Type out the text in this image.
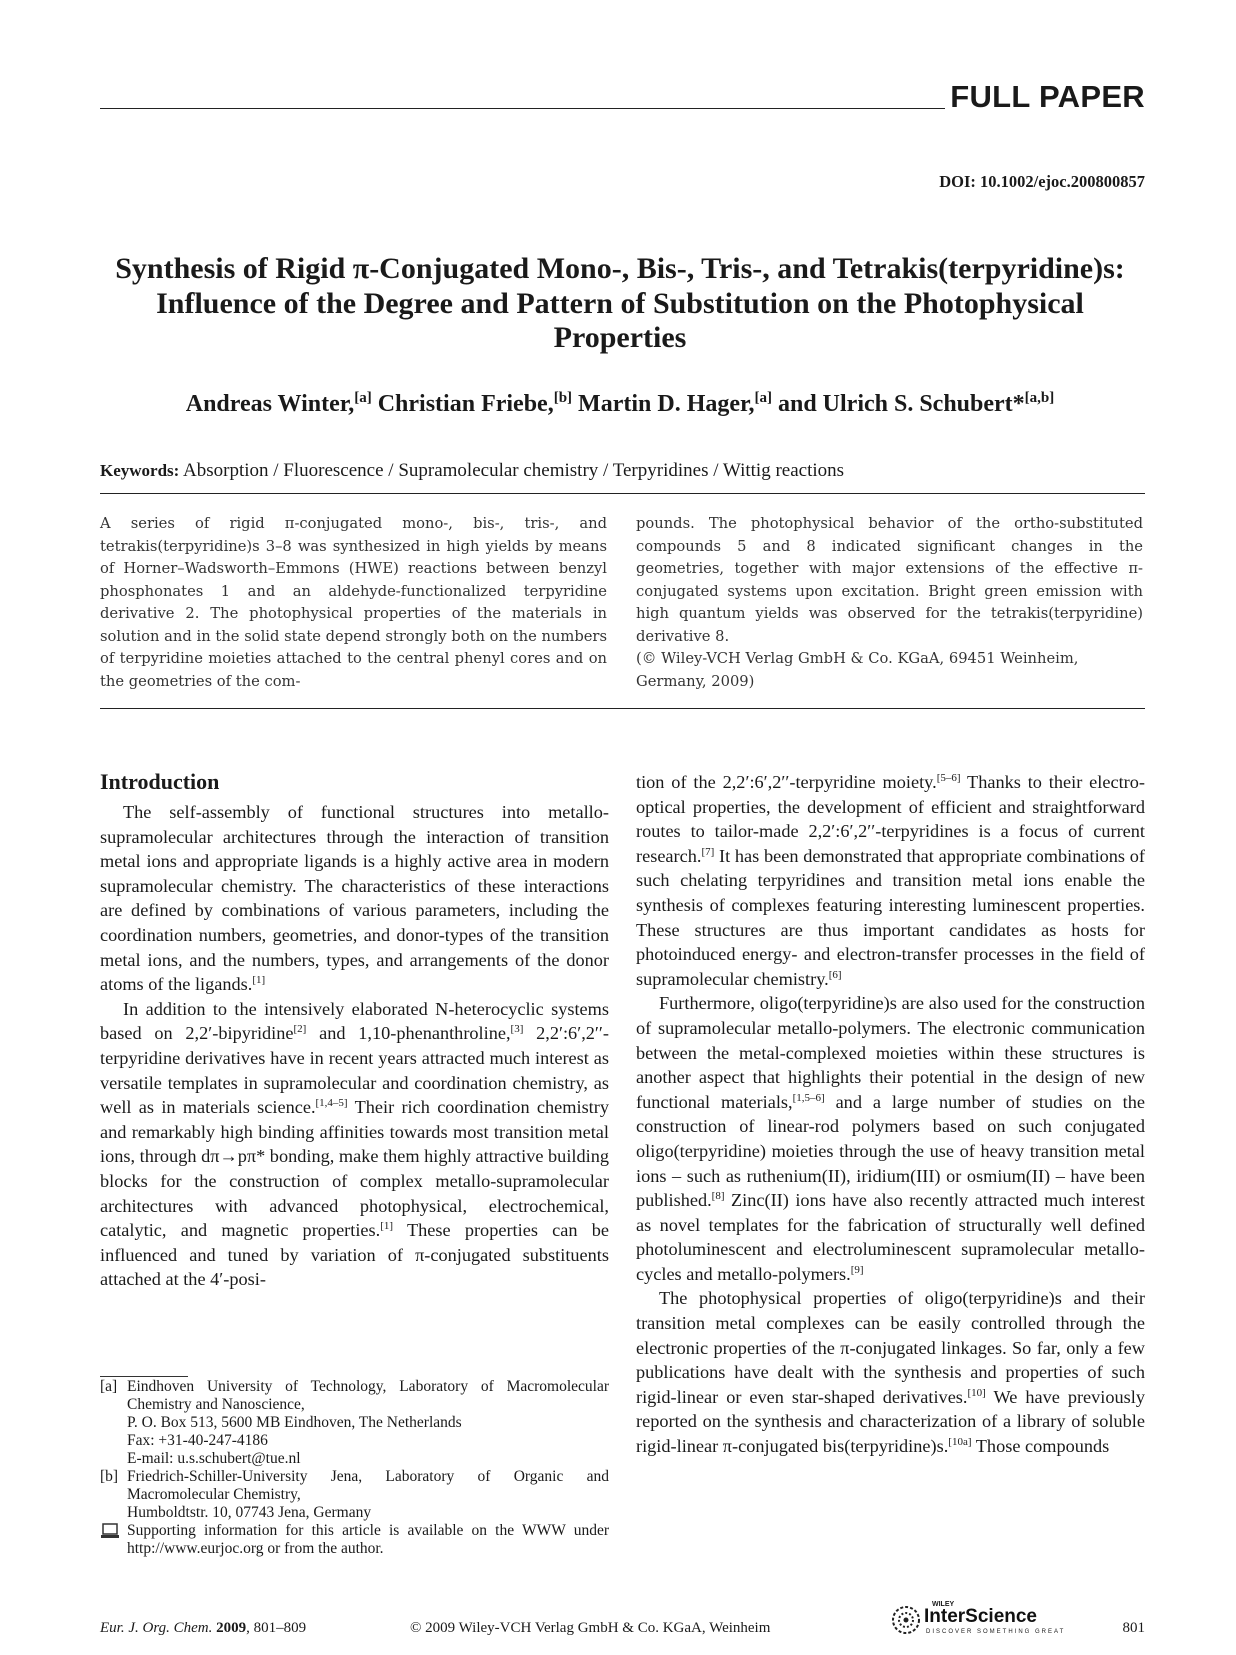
FULL PAPER
DOI: 10.1002/ejoc.200800857
Synthesis of Rigid π-Conjugated Mono-, Bis-, Tris-, and Tetrakis(terpyridine)s:
Influence of the Degree and Pattern of Substitution on the Photophysical
Properties
Andreas Winter,[a] Christian Friebe,[b] Martin D. Hager,[a] and Ulrich S. Schubert*[a,b]
Keywords: Absorption / Fluorescence / Supramolecular chemistry / Terpyridines / Wittig reactions

A series of rigid π-conjugated mono-, bis-, tris-, and tetrakis(terpyridine)s 3–8 was synthesized in high yields by means of Horner–Wadsworth–Emmons (HWE) reactions between benzyl phosphonates 1 and an aldehyde-functionalized terpyridine derivative 2. The photophysical properties of the materials in solution and in the solid state depend strongly both on the numbers of terpyridine moieties attached to the central phenyl cores and on the geometries of the com-

pounds. The photophysical behavior of the ortho-substituted compounds 5 and 8 indicated significant changes in the geometries, together with major extensions of the effective π-conjugated systems upon excitation. Bright green emission with high quantum yields was observed for the tetrakis(terpyridine) derivative 8.

(© Wiley-VCH Verlag GmbH & Co. KGaA, 69451 Weinheim, Germany, 2009)

Introduction

The self-assembly of functional structures into metallo-supramolecular architectures through the interaction of transition metal ions and appropriate ligands is a highly active area in modern supramolecular chemistry. The characteristics of these interactions are defined by combinations of various parameters, including the coordination numbers, geometries, and donor-types of the transition metal ions, and the numbers, types, and arrangements of the donor atoms of the ligands.[1]

In addition to the intensively elaborated N-heterocyclic systems based on 2,2′-bipyridine[2] and 1,10-phenanthroline,[3] 2,2′:6′,2′′-terpyridine derivatives have in recent years attracted much interest as versatile templates in supramolecular and coordination chemistry, as well as in materials science.[1,4–5] Their rich coordination chemistry and remarkably high binding affinities towards most transition metal ions, through dπ→pπ* bonding, make them highly attractive building blocks for the construction of complex metallo-supramolecular architectures with advanced photophysical, electrochemical, catalytic, and magnetic properties.[1] These properties can be influenced and tuned by variation of π-conjugated substituents attached at the 4′-posi-

tion of the 2,2′:6′,2′′-terpyridine moiety.[5–6] Thanks to their electro-optical properties, the development of efficient and straightforward routes to tailor-made 2,2′:6′,2′′-terpyridines is a focus of current research.[7] It has been demonstrated that appropriate combinations of such chelating terpyridines and transition metal ions enable the synthesis of complexes featuring interesting luminescent properties. These structures are thus important candidates as hosts for photoinduced energy- and electron-transfer processes in the field of supramolecular chemistry.[6]

Furthermore, oligo(terpyridine)s are also used for the construction of supramolecular metallo-polymers. The electronic communication between the metal-complexed moieties within these structures is another aspect that highlights their potential in the design of new functional materials,[1,5–6] and a large number of studies on the construction of linear-rod polymers based on such conjugated oligo(terpyridine) moieties through the use of heavy transition metal ions – such as ruthenium(II), iridium(III) or osmium(II) – have been published.[8] Zinc(II) ions have also recently attracted much interest as novel templates for the fabrication of structurally well defined photoluminescent and electroluminescent supramolecular metallo-cycles and metallo-polymers.[9]

The photophysical properties of oligo(terpyridine)s and their transition metal complexes can be easily controlled through the electronic properties of the π-conjugated linkages. So far, only a few publications have dealt with the synthesis and properties of such rigid-linear or even star-shaped derivatives.[10] We have previously reported on the synthesis and characterization of a library of soluble rigid-linear π-conjugated bis(terpyridine)s.[10a] Those compounds

[a] Eindhoven University of Technology, Laboratory of Macromolecular Chemistry and Nanoscience,
P. O. Box 513, 5600 MB Eindhoven, The Netherlands
Fax: +31-40-247-4186
E-mail: u.s.schubert@tue.nl
[b] Friedrich-Schiller-University Jena, Laboratory of Organic and Macromolecular Chemistry,
Humboldtstr. 10, 07743 Jena, Germany
Supporting information for this article is available on the WWW under http://www.eurjoc.org or from the author.
Eur. J. Org. Chem. 2009, 801–809	© 2009 Wiley-VCH Verlag GmbH & Co. KGaA, Weinheim
WILEY
InterScience
DISCOVER SOMETHING GREAT	801
